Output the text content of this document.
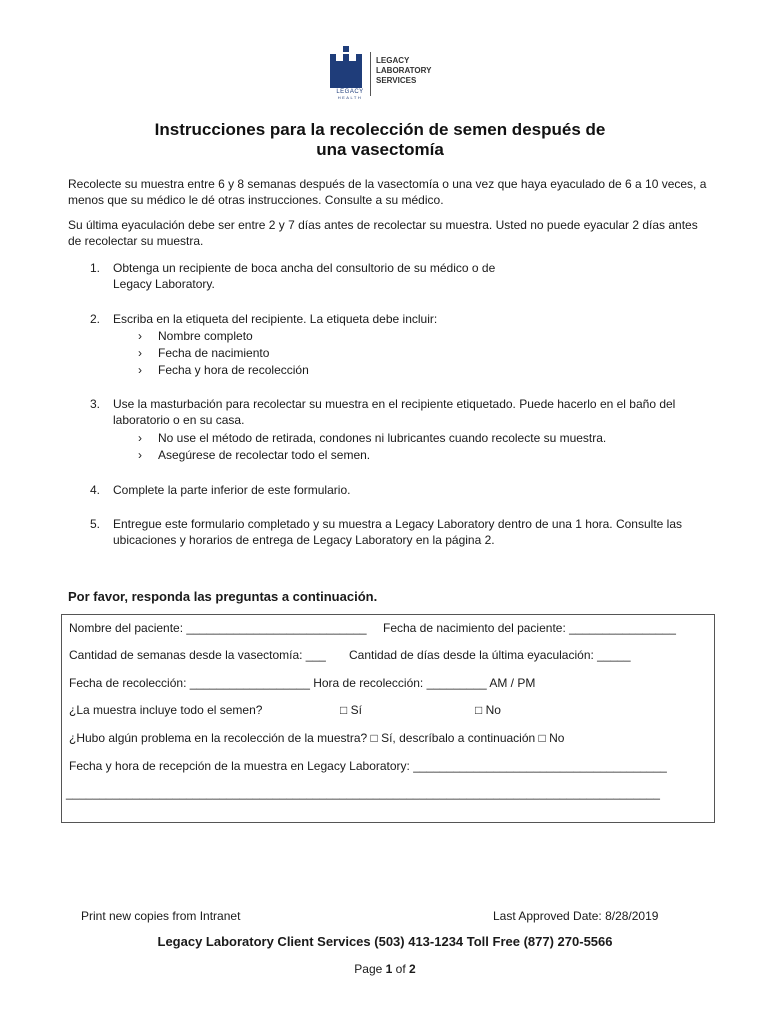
LEGACY
HEALTH
LEGACY
LABORATORY
SERVICES
Instrucciones para la recolección de semen después de
una vasectomía
Recolecte su muestra entre 6 y 8 semanas después de la vasectomía o una vez que haya eyaculado de 6 a 10 veces, a menos que su médico le dé otras instrucciones. Consulte a su médico.
Su última eyaculación debe ser entre 2 y 7 días antes de recolectar su muestra. Usted no puede eyacular 2 días antes de recolectar su muestra.
1. Obtenga un recipiente de boca ancha del consultorio de su médico o de Legacy Laboratory.
2. Escriba en la etiqueta del recipiente. La etiqueta debe incluir:
› Nombre completo
› Fecha de nacimiento
› Fecha y hora de recolección
3. Use la masturbación para recolectar su muestra en el recipiente etiquetado. Puede hacerlo en el baño del laboratorio o en su casa.
› No use el método de retirada, condones ni lubricantes cuando recolecte su muestra.
› Asegúrese de recolectar todo el semen.
4. Complete la parte inferior de este formulario.
5. Entregue este formulario completado y su muestra a Legacy Laboratory dentro de una 1 hora. Consulte las ubicaciones y horarios de entrega de Legacy Laboratory en la página 2.
Por favor, responda las preguntas a continuación.
Nombre del paciente: ___________________________ Fecha de nacimiento del paciente: ________________
Cantidad de semanas desde la vasectomía: ___ Cantidad de días desde la última eyaculación: _____
Fecha de recolección: __________________ Hora de recolección: _________ AM / PM
¿La muestra incluye todo el semen?	□ Sí	□ No
¿Hubo algún problema en la recolección de la muestra? □ Sí, descríbalo a continuación □ No
Fecha y hora de recepción de la muestra en Legacy Laboratory: ______________________________________
_________________________________________________________________________________________
Print new copies from Intranet	Last Approved Date: 8/28/2019
Legacy Laboratory Client Services (503) 413-1234 Toll Free (877) 270-5566
Page 1 of 2
